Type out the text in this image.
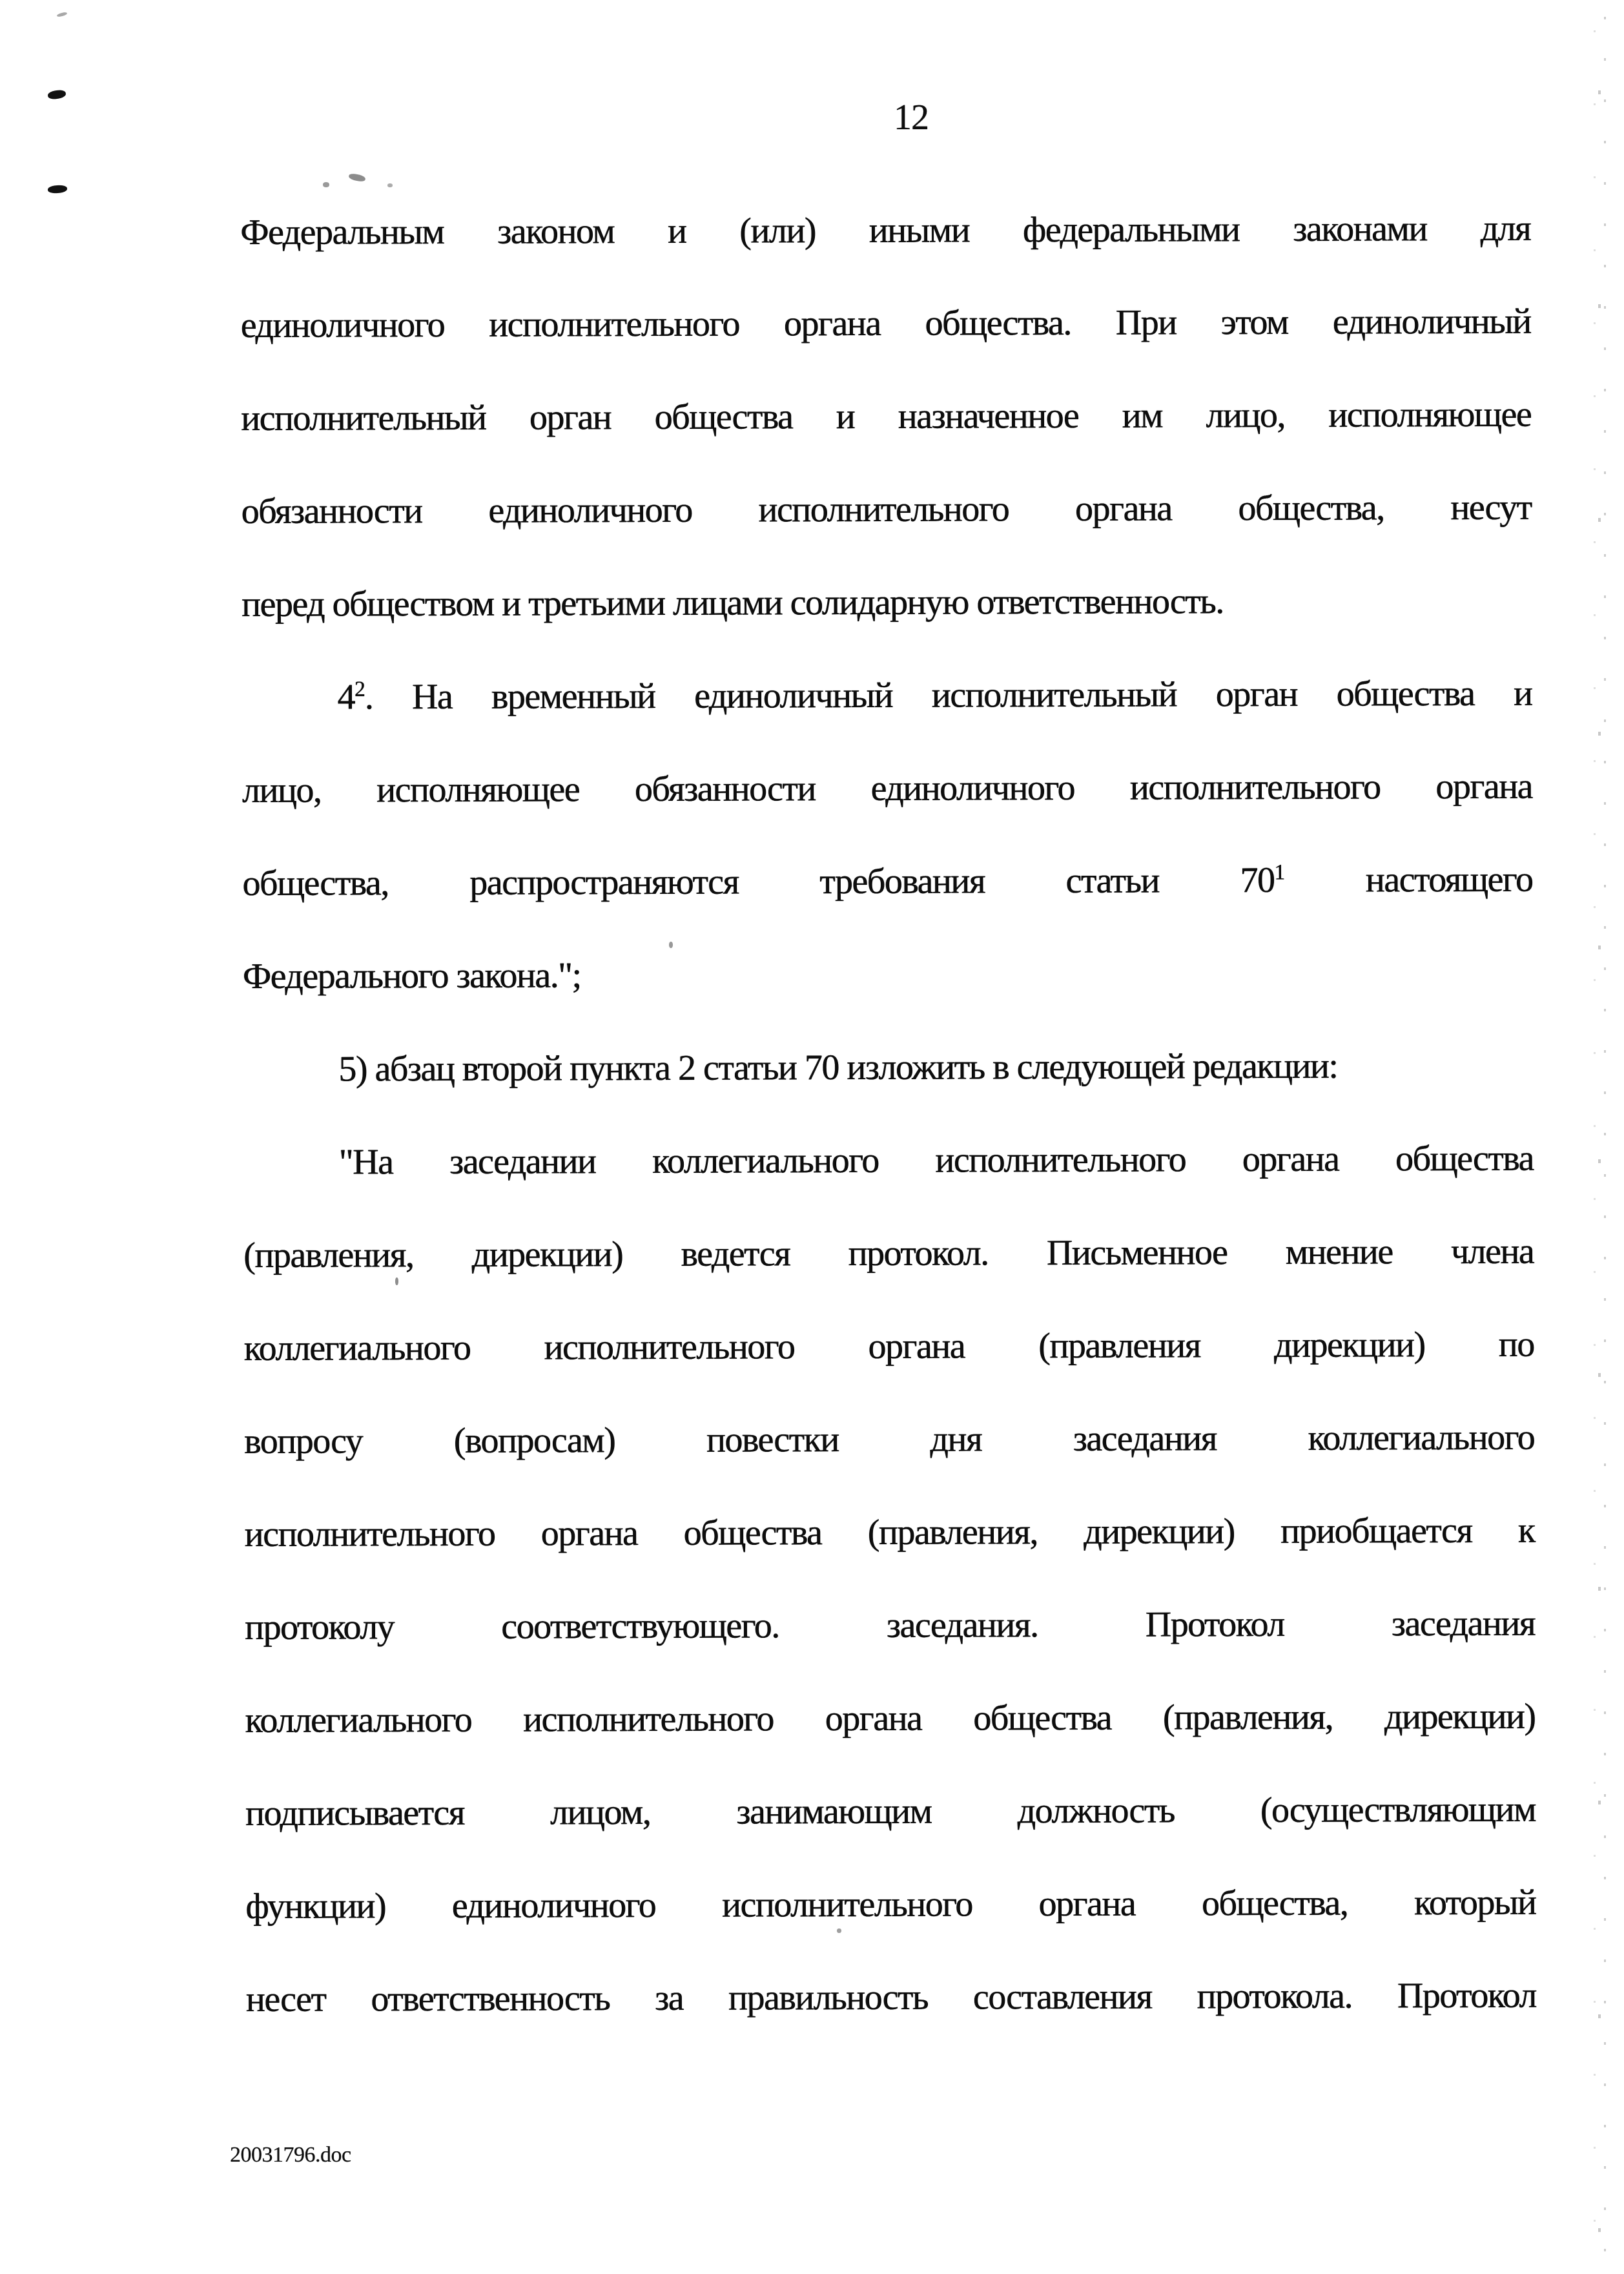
12
Федеральным законом и (или) иными федеральными законами для
единоличного исполнительного органа общества. При этом единоличный
исполнительный орган общества и назначенное им лицо, исполняющее
обязанности единоличного исполнительного органа общества, несут
перед обществом и третьими лицами солидарную ответственность.
$4^2$. На временный единоличный исполнительный орган общества и
лицо, исполняющее обязанности единоличного исполнительного органа
общества, распространяются требования статьи $70^1$ настоящего
Федерального закона.";
5) абзац второй пункта 2 статьи 70 изложить в следующей редакции:
"На заседании коллегиального исполнительного органа общества
(правления, дирекции) ведется протокол. Письменное мнение члена
коллегиального исполнительного органа (правления дирекции) по
вопросу (вопросам) повестки дня заседания коллегиального
исполнительного органа общества (правления, дирекции) приобщается к
протоколу соответствующего. заседания. Протокол заседания
коллегиального исполнительного органа общества (правления, дирекции)
подписывается лицом, занимающим должность (осуществляющим
функции) единоличного исполнительного органа общества, который
несет ответственность за правильность составления протокола. Протокол
20031796.doc
